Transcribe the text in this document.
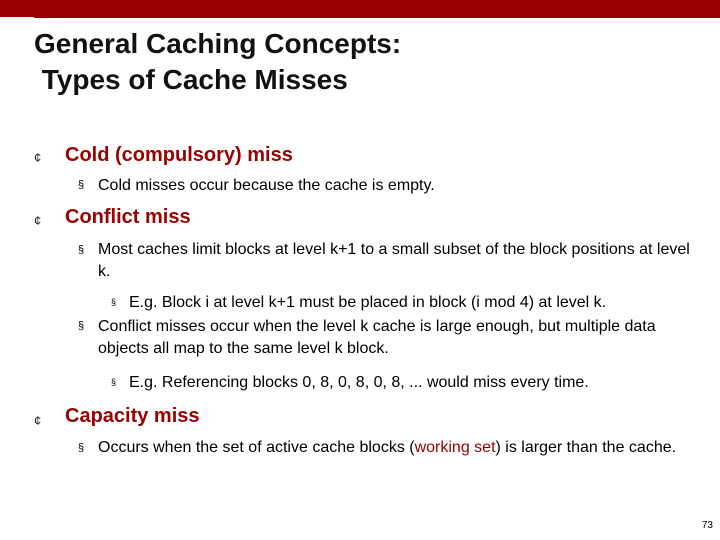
General Caching Concepts:
Types of Cache Misses
¢ Cold (compulsory) miss
§ Cold misses occur because the cache is empty.
¢ Conflict miss
§ Most caches limit blocks at level k+1 to a small subset of the block positions at level k.
§ E.g. Block i at level k+1 must be placed in block (i mod 4) at level k.
§ Conflict misses occur when the level k cache is large enough, but multiple data objects all map to the same level k block.
§ E.g. Referencing blocks 0, 8, 0, 8, 0, 8, ... would miss every time.
¢ Capacity miss
§ Occurs when the set of active cache blocks (working set) is larger than the cache.
73
